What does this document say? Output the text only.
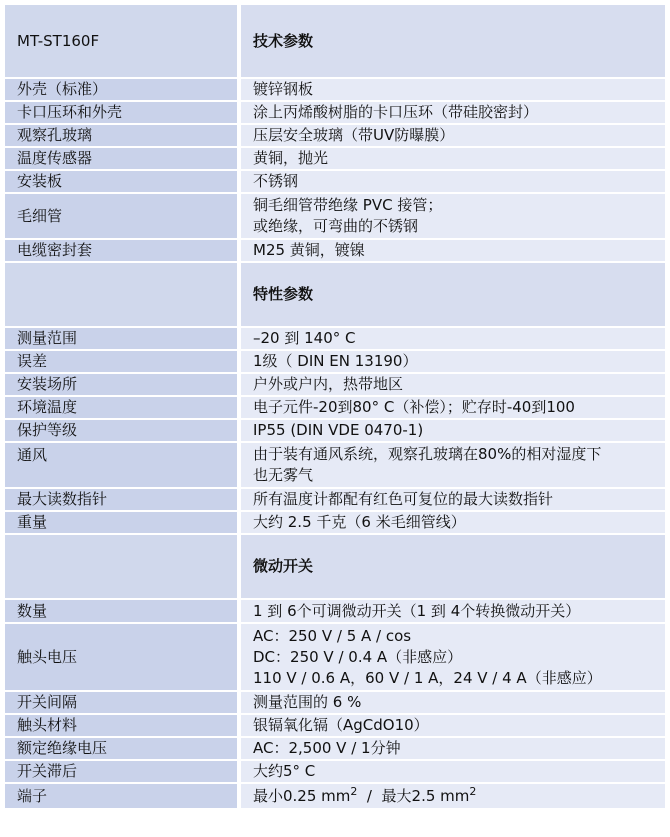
MT-ST160F	技术参数
外壳（标准）	镀锌钢板
卡口压环和外壳	涂上丙烯酸树脂的卡口压环（带硅胶密封）
观察孔玻璃	压层安全玻璃（带UV防曝膜）
温度传感器	黄铜，抛光
安装板	不锈钢
毛细管	铜毛细管带绝缘 PVC 接管；
或绝缘，可弯曲的不锈钢

电缆密封套	M25 黄铜，镀镍
	特性参数
测量范围	–20 到 140° C
误差	1级（ DIN EN 13190）
安装场所	户外或户内，热带地区
环境温度	电子元件-20到80° C（补偿）；贮存时-40到100
保护等级	IP55 (DIN VDE 0470-1)
通风	由于装有通风系统，观察孔玻璃在80%的相对湿度下
也无雾气

最大读数指针	所有温度计都配有红色可复位的最大读数指针
重量	大约 2.5 千克（6 米毛细管线）
	微动开关
数量	1 到 6个可调微动开关（1 到 4个转换微动开关）
触头电压	AC：250 V / 5 A / cos
DC：250 V / 0.4 A（非感应）
110 V / 0.6 A，60 V / 1 A，24 V / 4 A（非感应）

开关间隔	测量范围的 6 %
触头材料	银镉氧化镉（AgCdO10）
额定绝缘电压	AC：2,500 V / 1分钟
开关滞后	大约5° C
端子	最小0.25 $mm^2$  /  最大2.5 $mm^2$
